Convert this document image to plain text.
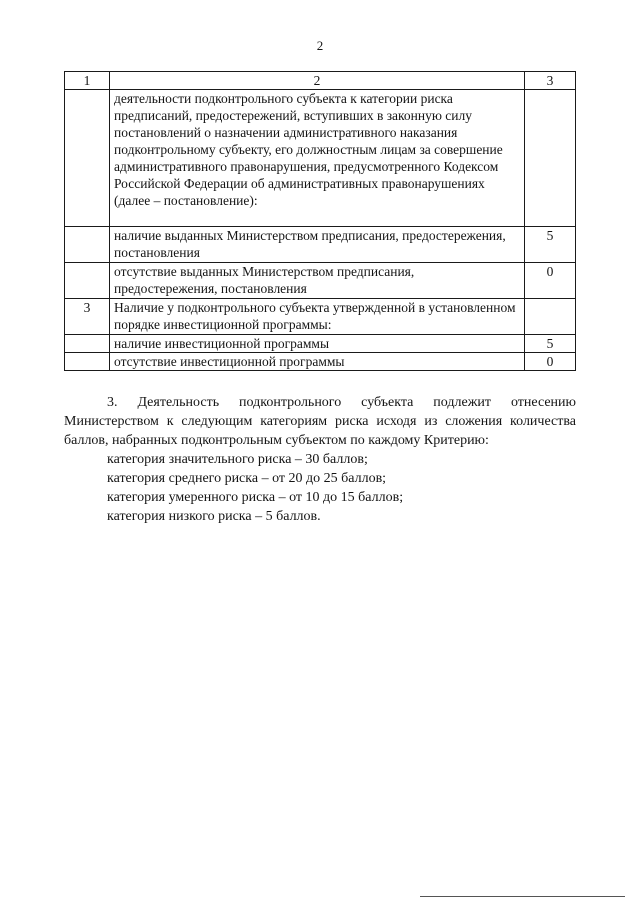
2
1	2	3
	деятельности подконтрольного субъекта к категории риска предписаний, предостережений, вступивших в законную силу постановлений о назначении административного наказания подконтрольному субъекту, его должностным лицам за совершение административного правонарушения, предусмотренного Кодексом Российской Федерации об административных правонарушениях (далее – постановление):	
	наличие выданных Министерством предписания, предостережения, постановления	5
	отсутствие выданных Министерством предписания, предостережения, постановления	0
3	Наличие у подконтрольного субъекта утвержденной в установленном порядке инвестиционной программы:	
	наличие инвестиционной программы	5
	отсутствие инвестиционной программы	0

3. Деятельность подконтрольного субъекта подлежит отнесению Министерством к следующим категориям риска исходя из сложения количества баллов, набранных подконтрольным субъектом по каждому Критерию:

категория значительного риска – 30 баллов;
категория среднего риска – от 20 до 25 баллов;
категория умеренного риска – от 10 до 15 баллов;
категория низкого риска – 5 баллов.
